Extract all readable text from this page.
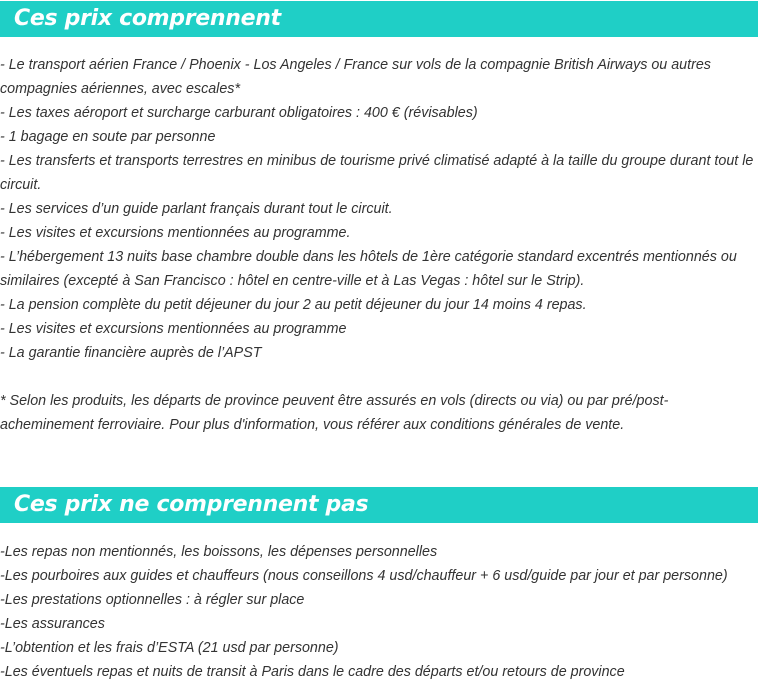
Ces prix comprennent
- Le transport aérien France / Phoenix - Los Angeles / France sur vols de la compagnie British Airways ou autres compagnies aériennes, avec escales*
- Les taxes aéroport et surcharge carburant obligatoires : 400 € (révisables)
- 1 bagage en soute par personne
- Les transferts et transports terrestres en minibus de tourisme privé climatisé adapté à la taille du groupe durant tout le circuit.
- Les services d’un guide parlant français durant tout le circuit.
- Les visites et excursions mentionnées au programme.
- L’hébergement 13 nuits base chambre double dans les hôtels de 1ère catégorie standard excentrés mentionnés ou similaires (excepté à San Francisco : hôtel en centre-ville et à Las Vegas : hôtel sur le Strip).
- La pension complète du petit déjeuner du jour 2 au petit déjeuner du jour 14 moins 4 repas.
- Les visites et excursions mentionnées au programme
- La garantie financière auprès de l’APST
* Selon les produits, les départs de province peuvent être assurés en vols (directs ou via) ou par pré/post-acheminement ferroviaire. Pour plus d'information, vous référer aux conditions générales de vente.
Ces prix ne comprennent pas
-Les repas non mentionnés, les boissons, les dépenses personnelles
-Les pourboires aux guides et chauffeurs (nous conseillons 4 usd/chauffeur + 6 usd/guide par jour et par personne)
-Les prestations optionnelles : à régler sur place
-Les assurances
-L’obtention et les frais d’ESTA (21 usd par personne)
-Les éventuels repas et nuits de transit à Paris dans le cadre des départs et/ou retours de province
